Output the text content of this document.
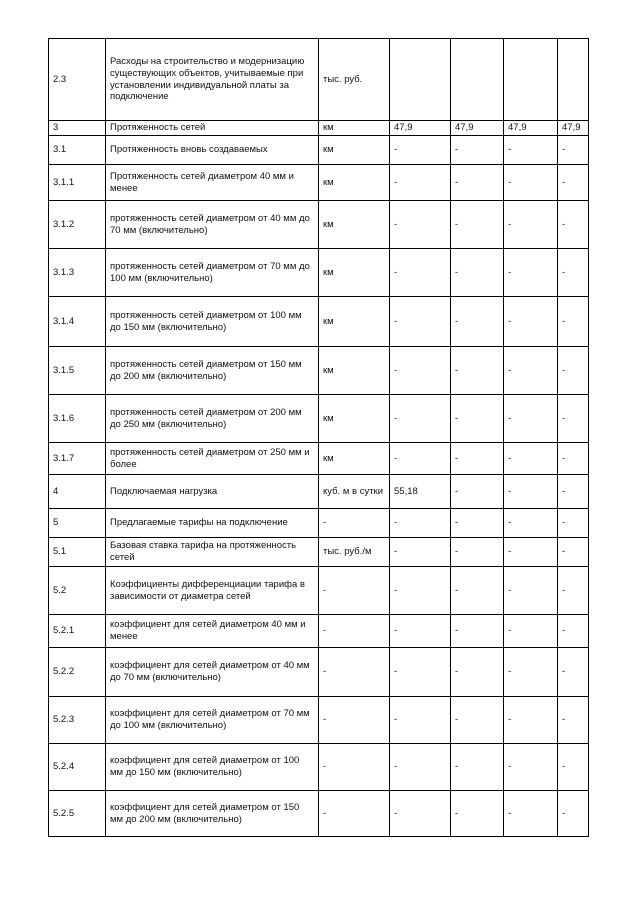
2.3	Расходы на строительство и модернизацию существующих объектов, учитываемые при установлении индивидуальной платы за подключение	тыс. руб.				
3	Протяженность сетей	км	47,9	47,9	47,9	47,9
3.1	Протяженность вновь создаваемых	км	-	-	-	-
3.1.1	Протяженность сетей диаметром 40 мм и менее	км	-	-	-	-
3.1.2	протяженность сетей диаметром от 40 мм до 70 мм (включительно)	км	-	-	-	-
3.1.3	протяженность сетей диаметром от 70 мм до 100 мм (включительно)	км	-	-	-	-
3.1.4	протяженность сетей диаметром от 100 мм до 150 мм (включительно)	км	-	-	-	-
3.1.5	протяженность сетей диаметром от 150 мм до 200 мм (включительно)	км	-	-	-	-
3.1.6	протяженность сетей диаметром от 200 мм до 250 мм (включительно)	км	-	-	-	-
3.1.7	протяженность сетей диаметром от 250 мм и более	км	-	-	-	-
4	Подключаемая нагрузка	куб. м в сутки	55,18	-	-	-
5	Предлагаемые тарифы на подключение	-	-	-	-	-
5.1	Базовая ставка тарифа на протяженность сетей	тыс. руб./м	-	-	-	-
5.2	Коэффициенты дифференциации тарифа в зависимости от диаметра сетей	-	-	-	-	-
5.2.1	коэффициент для сетей диаметром 40 мм и менее	-	-	-	-	-
5.2.2	коэффициент для сетей диаметром от 40 мм до 70 мм (включительно)	-	-	-	-	-
5.2.3	коэффициент для сетей диаметром от 70 мм до 100 мм (включительно)	-	-	-	-	-
5.2.4	коэффициент для сетей диаметром от 100 мм до 150 мм (включительно)	-	-	-	-	-
5.2.5	коэффициент для сетей диаметром от 150 мм до 200 мм (включительно)	-	-	-	-	-
